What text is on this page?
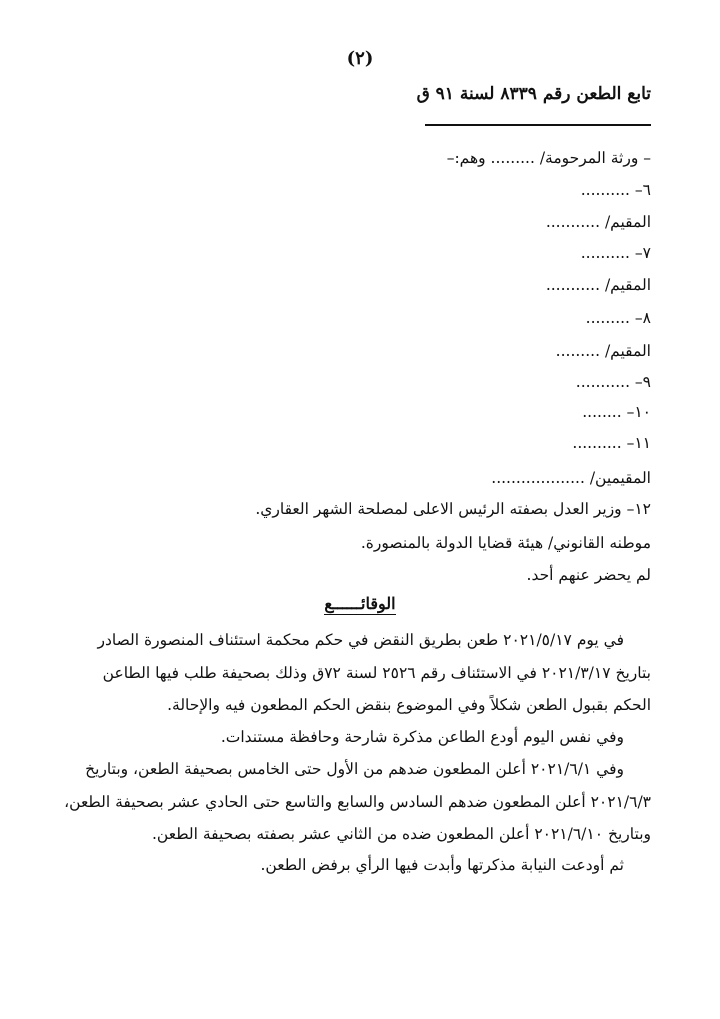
(٢)
تابع الطعن رقم ٨٣٣٩ لسنة ٩١ ق
– ورثة المرحومة/ ......... وهم:–
٦– ..........
المقيم/ ...........
٧– ..........
المقيم/ ...........
٨– .........
المقيم/ .........
٩– ...........
١٠– ........
١١– ..........
المقيمين/ ...................
١٢– وزير العدل بصفته الرئيس الاعلى لمصلحة الشهر العقاري.
موطنه القانوني/ هيئة قضايا الدولة بالمنصورة.
لم يحضر عنهم أحد.
الوقائــــــع
في يوم ٢٠٢١/٥/١٧ طعن بطريق النقض في حكم محكمة استئناف المنصورة الصادر
بتاريخ ٢٠٢١/٣/١٧ في الاستئناف رقم ٢٥٢٦ لسنة ٧٢ق وذلك بصحيفة طلب فيها الطاعن
الحكم بقبول الطعن شكلاً وفي الموضوع بنقض الحكم المطعون فيه والإحالة.
وفي نفس اليوم أودع الطاعن مذكرة شارحة وحافظة مستندات.
وفي ٢٠٢١/٦/١ أعلن المطعون ضدهم من الأول حتى الخامس بصحيفة الطعن، وبتاريخ
٢٠٢١/٦/٣ أعلن المطعون ضدهم السادس والسابع والتاسع حتى الحادي عشر بصحيفة الطعن،
وبتاريخ ٢٠٢١/٦/١٠ أعلن المطعون ضده من الثاني عشر بصفته بصحيفة الطعن.
ثم أودعت النيابة مذكرتها وأبدت فيها الرأي برفض الطعن.
